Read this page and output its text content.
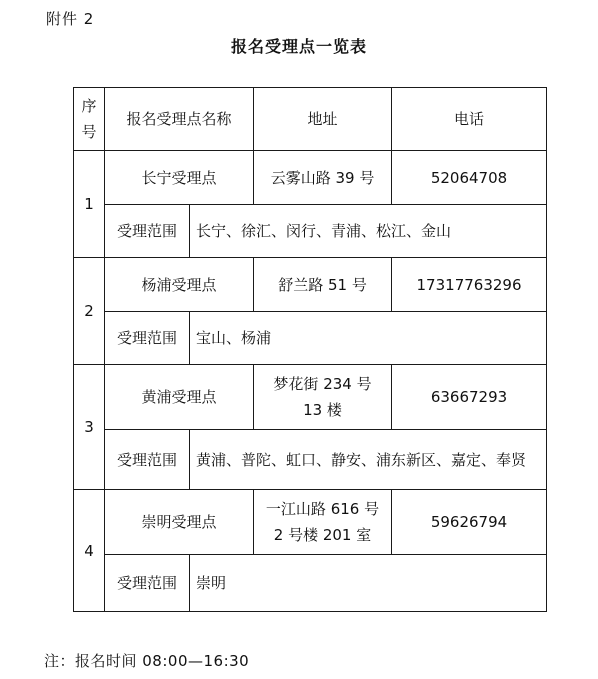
附件 2
报名受理点一览表
序
号	报名受理点名称		地址	电话
1	长宁受理点		云雾山路 39 号	52064708
	受理范围	长宁、徐汇、闵行、青浦、松江、金山		
2	杨浦受理点		舒兰路 51 号	17317763296
	受理范围	宝山、杨浦		
3	黄浦受理点		梦花街 234 号
13 楼	63667293
	受理范围	黄浦、普陀、虹口、静安、浦东新区、嘉定、奉贤		
4	崇明受理点		一江山路 616 号
2 号楼 201 室	59626794
	受理范围	崇明		
注：报名时间 08:00—16:30
